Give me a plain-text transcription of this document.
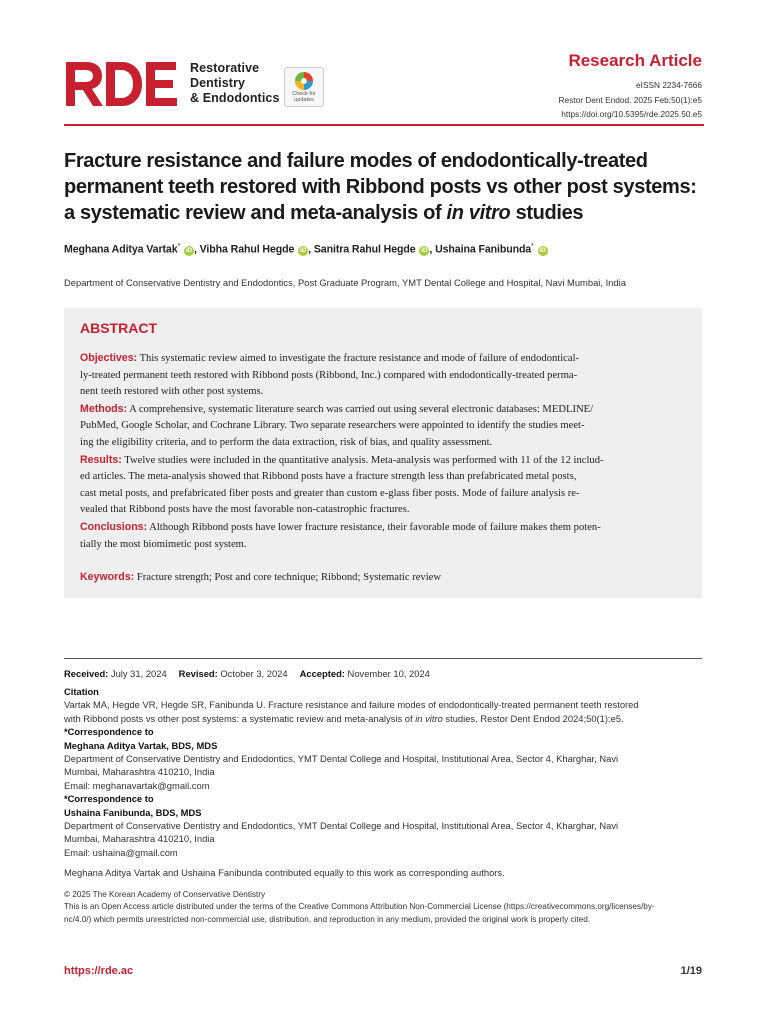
Restorative
Dentistry
& Endodontics	Check for
updates
Research Article
eISSN 2234-7666
Restor Dent Endod. 2025 Feb;50(1):e5
https://doi.org/10.5395/rde.2025.50.e5
Fracture resistance and failure modes of endodontically-treated
permanent teeth restored with Ribbond posts vs other post systems:
a systematic review and meta-analysis of in vitro studies
Meghana Aditya Vartak* iD , Vibha Rahul Hegde iD , Sanitra Rahul Hegde iD , Ushaina Fanibunda* iD
Department of Conservative Dentistry and Endodontics, Post Graduate Program, YMT Dental College and Hospital, Navi Mumbai, India
ABSTRACT
Objectives: This systematic review aimed to investigate the fracture resistance and mode of failure of endodontical-
ly-treated permanent teeth restored with Ribbond posts (Ribbond, Inc.) compared with endodontically-treated perma-
nent teeth restored with other post systems.
Methods: A comprehensive, systematic literature search was carried out using several electronic databases: MEDLINE/
PubMed, Google Scholar, and Cochrane Library. Two separate researchers were appointed to identify the studies meet-
ing the eligibility criteria, and to perform the data extraction, risk of bias, and quality assessment.
Results: Twelve studies were included in the quantitative analysis. Meta-analysis was performed with 11 of the 12 includ-
ed articles. The meta-analysis showed that Ribbond posts have a fracture strength less than prefabricated metal posts,
cast metal posts, and prefabricated fiber posts and greater than custom e-glass fiber posts. Mode of failure analysis re-
vealed that Ribbond posts have the most favorable non-catastrophic fractures.
Conclusions: Although Ribbond posts have lower fracture resistance, their favorable mode of failure makes them poten-
tially the most biomimetic post system.
Keywords: Fracture strength; Post and core technique; Ribbond; Systematic review
Received: July 31, 2024 Revised: October 3, 2024 Accepted: November 10, 2024
Citation
Vartak MA, Hegde VR, Hegde SR, Fanibunda U. Fracture resistance and failure modes of endodontically-treated permanent teeth restored
with Ribbond posts vs other post systems: a systematic review and meta-analysis of in vitro studies. Restor Dent Endod 2024;50(1):e5.
*Correspondence to
Meghana Aditya Vartak, BDS, MDS
Department of Conservative Dentistry and Endodontics, YMT Dental College and Hospital, Institutional Area, Sector 4, Kharghar, Navi
Mumbai, Maharashtra 410210, India
Email: meghanavartak@gmail.com
*Correspondence to
Ushaina Fanibunda, BDS, MDS
Department of Conservative Dentistry and Endodontics, YMT Dental College and Hospital, Institutional Area, Sector 4, Kharghar, Navi
Mumbai, Maharashtra 410210, India
Email: ushaina@gmail.com
Meghana Aditya Vartak and Ushaina Fanibunda contributed equally to this work as corresponding authors.
© 2025 The Korean Academy of Conservative Dentistry
This is an Open Access article distributed under the terms of the Creative Commons Attribution Non-Commercial License (https://creativecommons.org/licenses/by-
nc/4.0/) which permits unrestricted non-commercial use, distribution, and reproduction in any medium, provided the original work is properly cited.
https://rde.ac	1/19
